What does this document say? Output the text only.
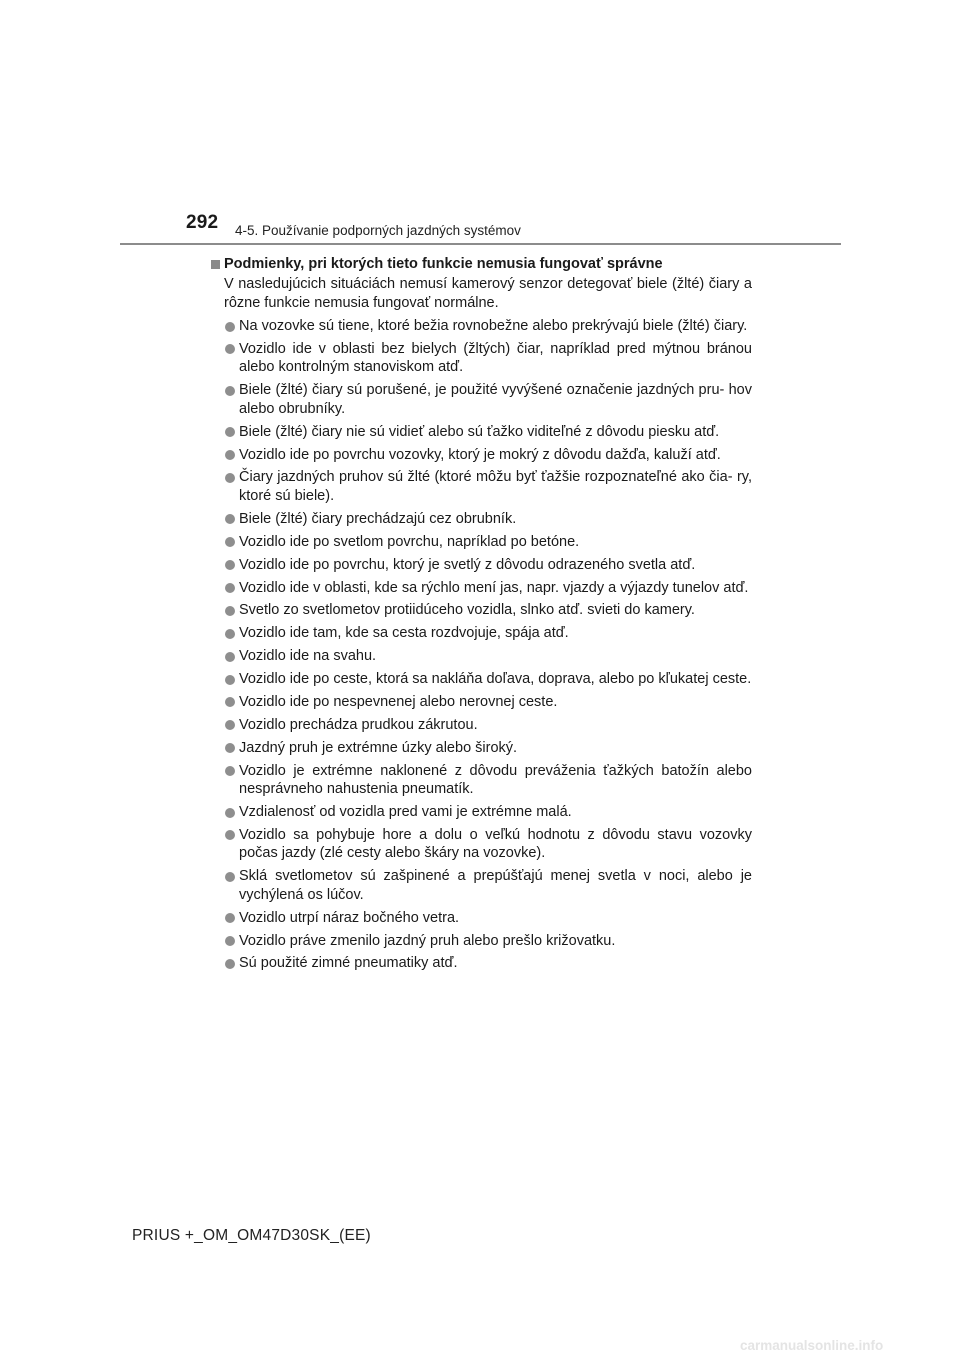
292 4-5. Používanie podporných jazdných systémov
Podmienky, pri ktorých tieto funkcie nemusia fungovať správne

V nasledujúcich situáciách nemusí kamerový senzor detegovať biele (žlté) čiary a rôzne funkcie nemusia fungovať normálne.

Na vozovke sú tiene, ktoré bežia rovnobežne alebo prekrývajú biele (žlté) čiary.
Vozidlo ide v oblasti bez bielych (žltých) čiar, napríklad pred mýtnou bránou alebo kontrolným stanoviskom atď.
Biele (žlté) čiary sú porušené, je použité vyvýšené označenie jazdných pru- hov alebo obrubníky.
Biele (žlté) čiary nie sú vidieť alebo sú ťažko viditeľné z dôvodu piesku atď.
Vozidlo ide po povrchu vozovky, ktorý je mokrý z dôvodu dažďa, kaluží atď.
Čiary jazdných pruhov sú žlté (ktoré môžu byť ťažšie rozpoznateľné ako čia- ry, ktoré sú biele).
Biele (žlté) čiary prechádzajú cez obrubník.
Vozidlo ide po svetlom povrchu, napríklad po betóne.
Vozidlo ide po povrchu, ktorý je svetlý z dôvodu odrazeného svetla atď.
Vozidlo ide v oblasti, kde sa rýchlo mení jas, napr. vjazdy a výjazdy tunelov atď.
Svetlo zo svetlometov protiidúceho vozidla, slnko atď. svieti do kamery.
Vozidlo ide tam, kde sa cesta rozdvojuje, spája atď.
Vozidlo ide na svahu.
Vozidlo ide po ceste, ktorá sa nakláňa doľava, doprava, alebo po kľukatej ceste.
Vozidlo ide po nespevnenej alebo nerovnej ceste.
Vozidlo prechádza prudkou zákrutou.
Jazdný pruh je extrémne úzky alebo široký.
Vozidlo je extrémne naklonené z dôvodu preváženia ťažkých batožín alebo nesprávneho nahustenia pneumatík.
Vzdialenosť od vozidla pred vami je extrémne malá.
Vozidlo sa pohybuje hore a dolu o veľkú hodnotu z dôvodu stavu vozovky počas jazdy (zlé cesty alebo škáry na vozovke).
Sklá svetlometov sú zašpinené a prepúšťajú menej svetla v noci, alebo je vychýlená os lúčov.
Vozidlo utrpí náraz bočného vetra.
Vozidlo práve zmenilo jazdný pruh alebo prešlo križovatku.
Sú použité zimné pneumatiky atď.
PRIUS +_OM_OM47D30SK_(EE)
carmanualsonline.info
